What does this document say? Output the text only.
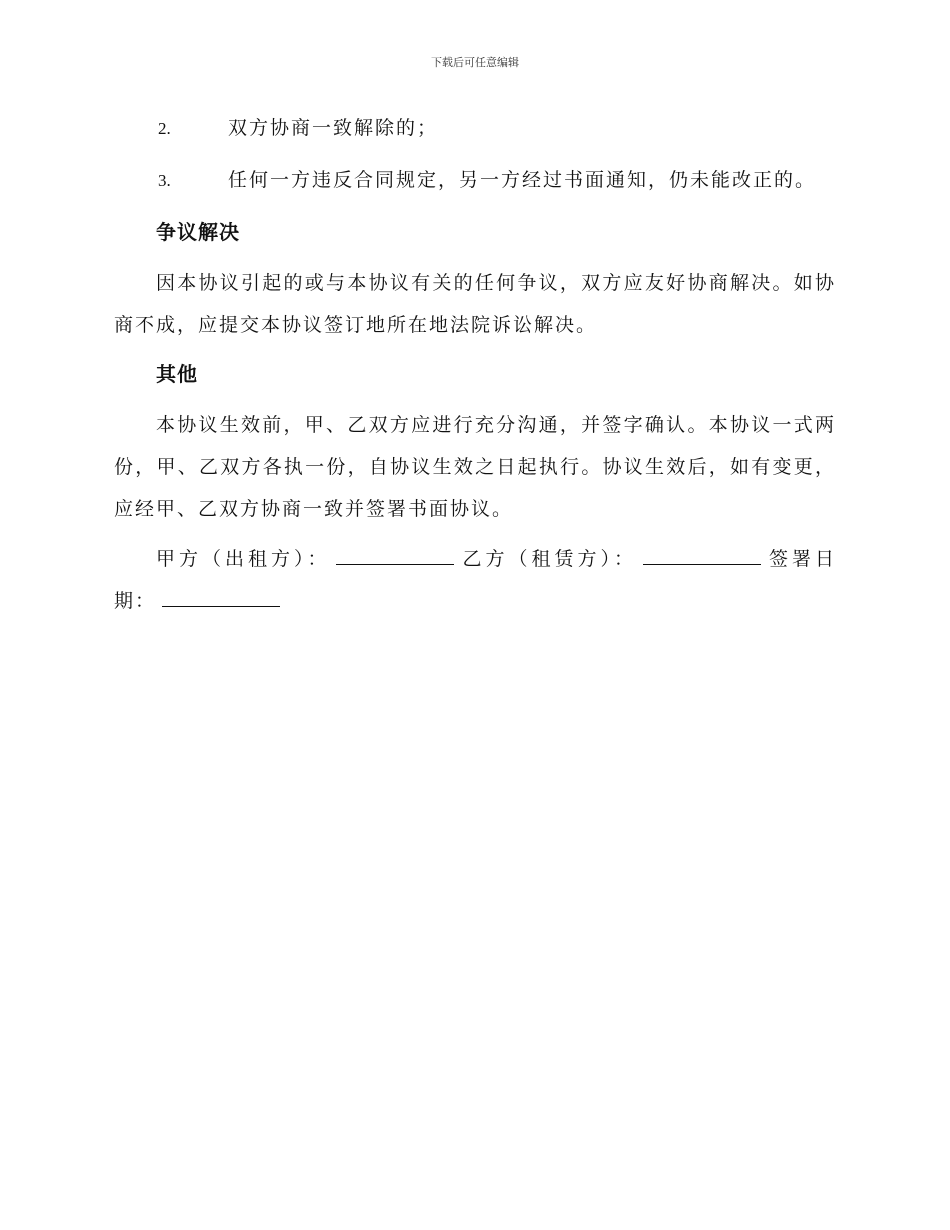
下载后可任意编辑
2.	双方协商一致解除的；
3.	任何一方违反合同规定，另一方经过书面通知，仍未能改正的。
争议解决
因本协议引起的或与本协议有关的任何争议，双方应友好协商解决。如协商不成，应提交本协议签订地所在地法院诉讼解决。
其他
本协议生效前，甲、乙双方应进行充分沟通，并签字确认。本协议一式两份，甲、乙双方各执一份，自协议生效之日起执行。协议生效后，如有变更，应经甲、乙双方协商一致并签署书面协议。
甲方（出租方）：	乙方（租赁方）：	签署日期：
